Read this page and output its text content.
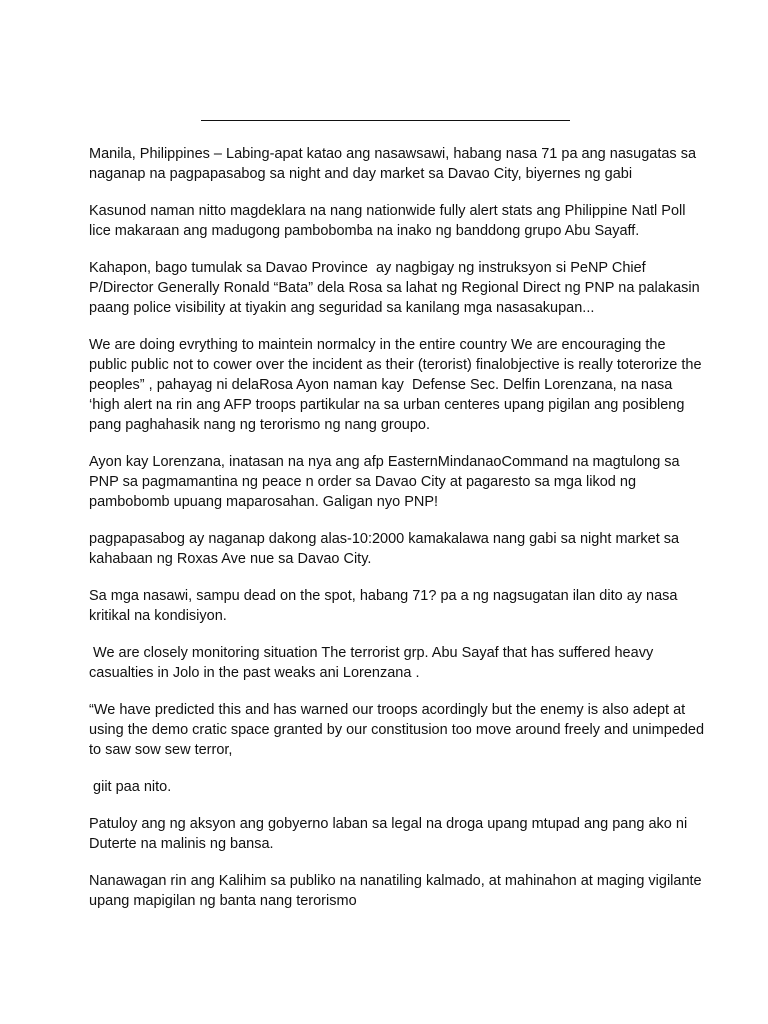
Manila, Philippines – Labing-apat katao ang nasawsawi, habang nasa 71 pa ang nasugatas sa
naganap na pagpapasabog sa night and day market sa Davao City, biyernes ng gabi

Kasunod naman nitto magdeklara na nang nationwide fully alert stats ang Philippine Natl Poll
lice makaraan ang madugong pambobomba na inako ng banddong grupo Abu Sayaff.

Kahapon, bago tumulak sa Davao Province  ay nagbigay ng instruksyon si PeNP Chief
P/Director Generally Ronald “Bata” dela Rosa sa lahat ng Regional Direct ng PNP na palakasin
paang police visibility at tiyakin ang seguridad sa kanilang mga nasasakupan...

We are doing evrything to maintein normalcy in the entire country We are encouraging the
public public not to cower over the incident as their (terorist) finalobjective is really toterorize the
peoples” , pahayag ni delaRosa Ayon naman kay  Defense Sec. Delfin Lorenzana, na nasa
‘high alert na rin ang AFP troops partikular na sa urban centeres upang pigilan ang posibleng
pang paghahasik nang ng terorismo ng nang groupo.

Ayon kay Lorenzana, inatasan na nya ang afp EasternMindanaoCommand na magtulong sa
PNP sa pagmamantina ng peace n order sa Davao City at pagaresto sa mga likod ng
pambobomb upuang maparosahan. Galigan nyo PNP!

pagpapasabog ay naganap dakong alas-10:2000 kamakalawa nang gabi sa night market sa
kahabaan ng Roxas Ave nue sa Davao City.

Sa mga nasawi, sampu dead on the spot, habang 71? pa a ng nagsugatan ilan dito ay nasa
kritikal na kondisiyon.

We are closely monitoring situation The terrorist grp. Abu Sayaf that has suffered heavy
casualties in Jolo in the past weaks ani Lorenzana .

“We have predicted this and has warned our troops acordingly but the enemy is also adept at
using the demo cratic space granted by our constitusion too move around freely and unimpeded
to saw sow sew terror,

giit paa nito.

Patuloy ang ng aksyon ang gobyerno laban sa legal na droga upang mtupad ang pang ako ni
Duterte na malinis ng bansa.

Nanawagan rin ang Kalihim sa publiko na nanatiling kalmado, at mahinahon at maging vigilante
upang mapigilan ng banta nang terorismo
